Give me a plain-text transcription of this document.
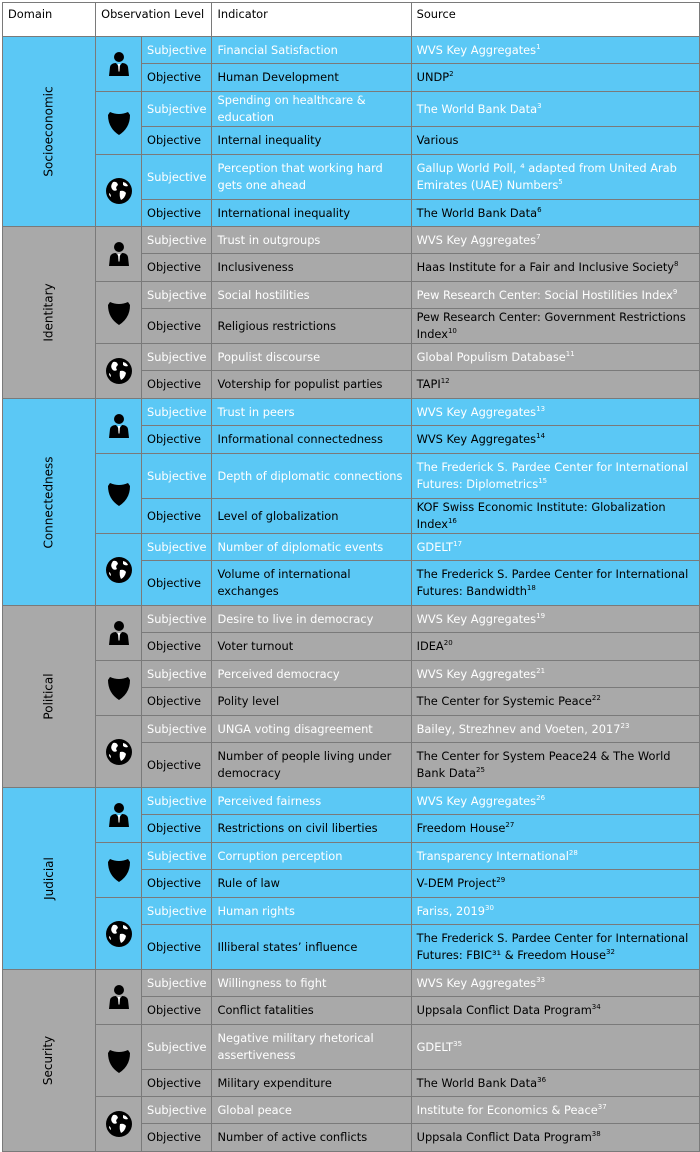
Domain	Observation Level		Indicator	Source
Socioeconomic		Subjective	Financial Satisfaction	WVS Key Aggregates$^1$
		Objective	Human Development	UNDP$^2$

	Subjective	Spending on healthcare & education	The World Bank Data$^3$
		Objective	Internal inequality	Various

	Subjective	Perception that working hard gets one ahead	Gallup World Poll, ⁴ adapted from United Arab Emirates (UAE) Numbers$^5$
		Objective	International inequality	The World Bank Data$^6$
Identitary		Subjective	Trust in outgroups	WVS Key Aggregates$^7$
		Objective	Inclusiveness	Haas Institute for a Fair and Inclusive Society$^8$

	Subjective	Social hostilities	Pew Research Center: Social Hostilities Index$^9$
		Objective	Religious restrictions	Pew Research Center: Government Restrictions Index$^{10}$

	Subjective	Populist discourse	Global Populism Database$^{11}$
		Objective	Votership for populist parties	TAPI$^{12}$
Connectedness		Subjective	Trust in peers	WVS Key Aggregates$^{13}$
		Objective	Informational connectedness	WVS Key Aggregates$^{14}$

	Subjective	Depth of diplomatic connections	The Frederick S. Pardee Center for International Futures: Diplometrics$^{15}$
		Objective	Level of globalization	KOF Swiss Economic Institute: Globalization Index$^{16}$

	Subjective	Number of diplomatic events	GDELT$^{17}$
		Objective	Volume of international exchanges	The Frederick S. Pardee Center for International Futures: Bandwidth$^{18}$
Political		Subjective	Desire to live in democracy	WVS Key Aggregates$^{19}$
		Objective	Voter turnout	IDEA$^{20}$

	Subjective	Perceived democracy	WVS Key Aggregates$^{21}$
		Objective	Polity level	The Center for Systemic Peace$^{22}$

	Subjective	UNGA voting disagreement	Bailey, Strezhnev and Voeten, 2017$^{23}$
		Objective	Number of people living under democracy	The Center for System Peace24 & The World Bank Data$^{25}$
Judicial		Subjective	Perceived fairness	WVS Key Aggregates$^{26}$
		Objective	Restrictions on civil liberties	Freedom House$^{27}$

	Subjective	Corruption perception	Transparency International$^{28}$
		Objective	Rule of law	V-DEM Project$^{29}$

	Subjective	Human rights	Fariss, 2019$^{30}$
		Objective	Illiberal states’ influence	The Frederick S. Pardee Center for International Futures: FBIC³¹ & Freedom House$^{32}$
Security		Subjective	Willingness to fight	WVS Key Aggregates$^{33}$
		Objective	Conflict fatalities	Uppsala Conflict Data Program$^{34}$

	Subjective	Negative military rhetorical assertiveness	GDELT$^{35}$
		Objective	Military expenditure	The World Bank Data$^{36}$

	Subjective	Global peace	Institute for Economics & Peace$^{37}$
		Objective	Number of active conflicts	Uppsala Conflict Data Program$^{38}$
